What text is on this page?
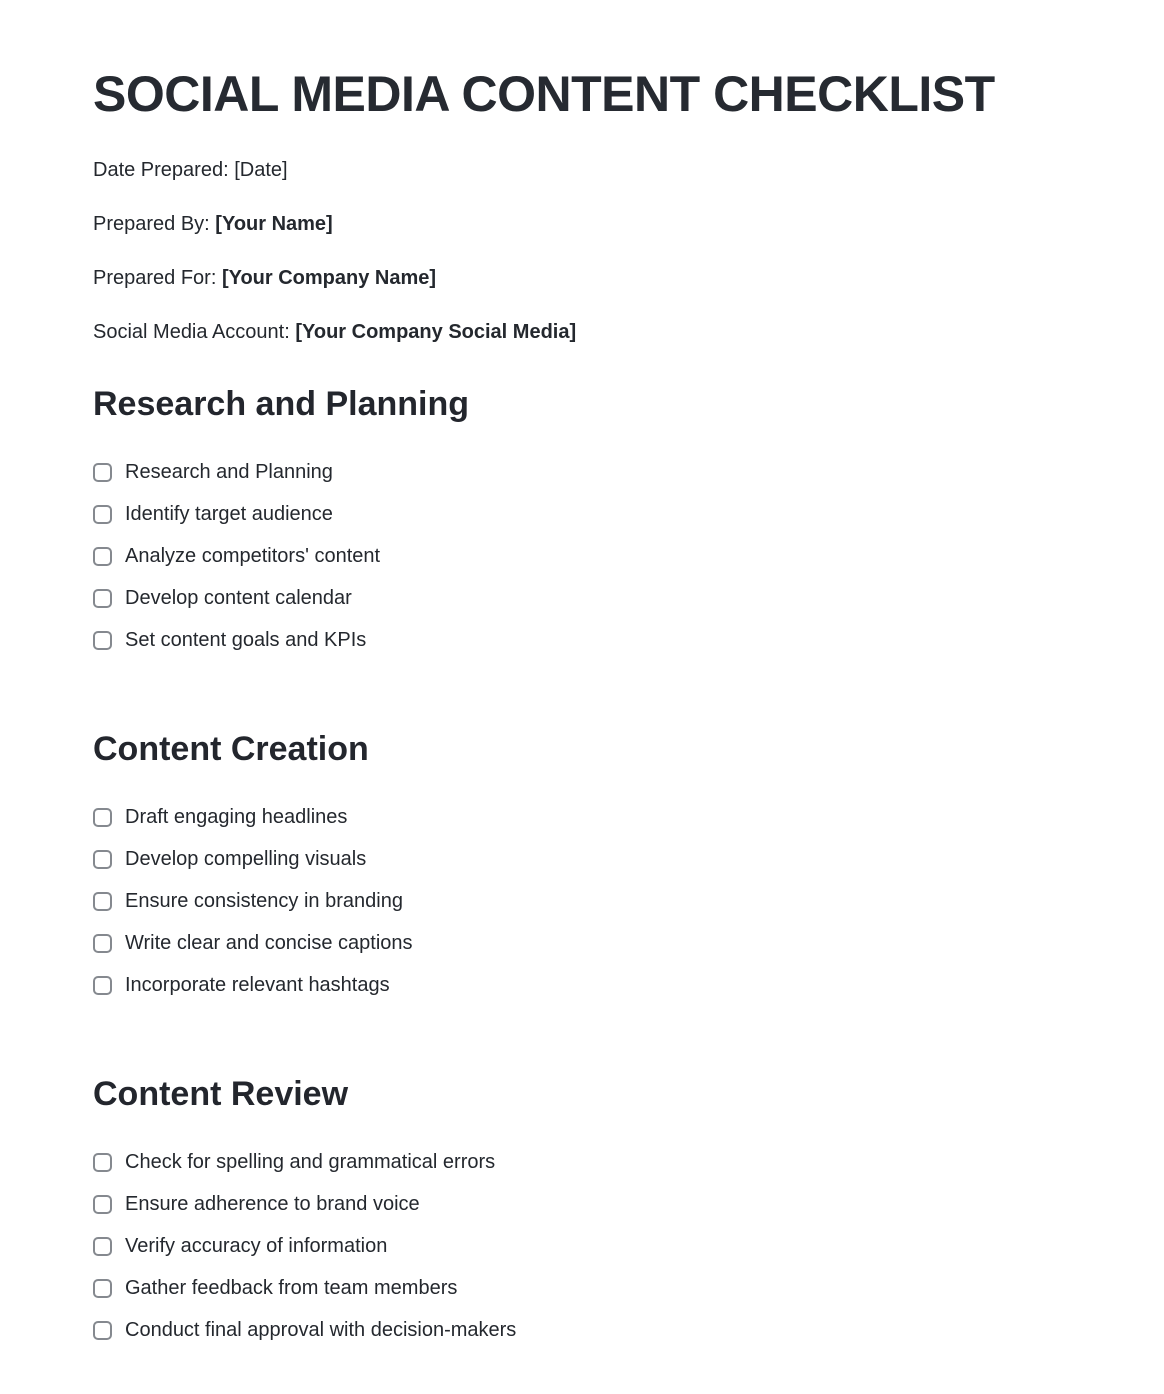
SOCIAL MEDIA CONTENT CHECKLIST

Date Prepared: [Date]

Prepared By: [Your Name]

Prepared For: [Your Company Name]

Social Media Account: [Your Company Social Media]

Research and Planning
Research and Planning
Identify target audience
Analyze competitors' content
Develop content calendar
Set content goals and KPIs
Content Creation
Draft engaging headlines
Develop compelling visuals
Ensure consistency in branding
Write clear and concise captions
Incorporate relevant hashtags
Content Review
Check for spelling and grammatical errors
Ensure adherence to brand voice
Verify accuracy of information
Gather feedback from team members
Conduct final approval with decision-makers
